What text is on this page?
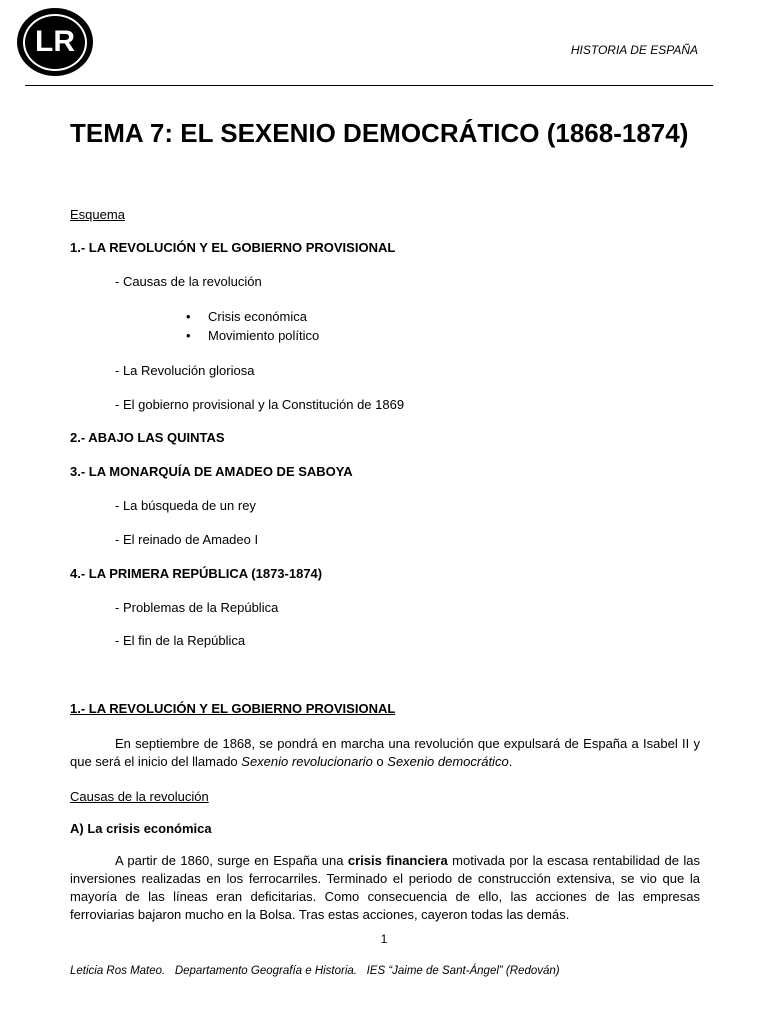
LR	HISTORIA DE ESPAÑA
TEMA 7: EL SEXENIO DEMOCRÁTICO (1868-1874)
Esquema
1.- LA REVOLUCIÓN Y EL GOBIERNO PROVISIONAL
- Causas de la revolución
• Crisis económica
• Movimiento político
- La Revolución gloriosa
- El gobierno provisional y la Constitución de 1869
2.- ABAJO LAS QUINTAS
3.- LA MONARQUÍA DE AMADEO DE SABOYA
- La búsqueda de un rey
- El reinado de Amadeo I
4.- LA PRIMERA REPÚBLICA (1873-1874)
- Problemas de la República
- El fin de la República
1.- LA REVOLUCIÓN Y EL GOBIERNO PROVISIONAL
En septiembre de 1868, se pondrá en marcha una revolución que expulsará de España a Isabel II y que será el inicio del llamado Sexenio revolucionario o Sexenio democrático.
Causas de la revolución
A) La crisis económica
A partir de 1860, surge en España una crisis financiera motivada por la escasa rentabilidad de las inversiones realizadas en los ferrocarriles. Terminado el periodo de construcción extensiva, se vio que la mayoría de las líneas eran deficitarias. Como consecuencia de ello, las acciones de las empresas ferroviarias bajaron mucho en la Bolsa. Tras estas acciones, cayeron todas las demás.
1
Leticia Ros Mateo.   Departamento Geografía e Historia.   IES “Jaime de Sant-Ángel” (Redován)
